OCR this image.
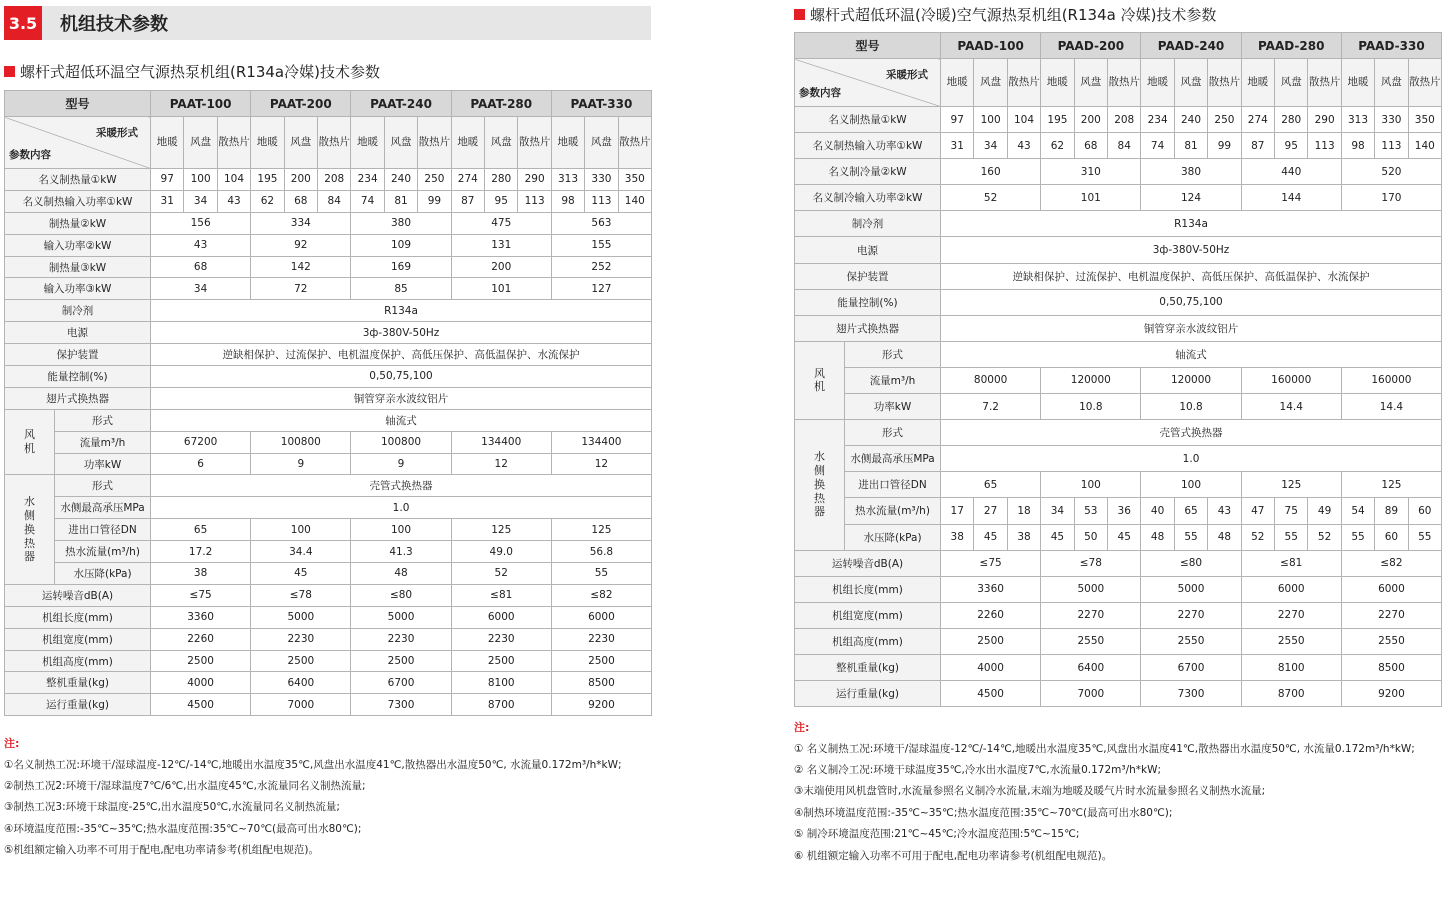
3.5 机组技术参数
螺杆式超低环温空气源热泵机组(R134a冷媒)技术参数
型号		PAAT-100			PAAT-200			PAAT-240			PAAT-280			PAAT-330		

采暖形式
参数内容		地暖	风盘	散热片	地暖	风盘	散热片	地暖	风盘	散热片	地暖	风盘	散热片	地暖	风盘	散热片
名义制热量①kW		97	100	104	195	200	208	234	240	250	274	280	290	313	330	350
名义制热输入功率①kW		31	34	43	62	68	84	74	81	99	87	95	113	98	113	140
制热量②kW		156			334			380			475			563		
输入功率②kW		43			92			109			131			155		
制热量③kW		68			142			169			200			252		
输入功率③kW		34			72			85			101			127		
制冷剂		R134a														
电源		3ф-380V-50Hz														
保护装置		逆缺相保护、过流保护、电机温度保护、高低压保护、高低温保护、水流保护														
能量控制(%)		0,50,75,100														
翅片式换热器		铜管穿亲水波纹铝片														

风机	形式	轴流式														
	流量m³/h	67200			100800			100800			134400			134400		
	功率kW	6			9			9			12			12		

水侧换热器	形式	壳管式换热器														
	水侧最高承压MPa	1.0														
	进出口管径DN	65			100			100			125			125		
	热水流量(m³/h)	17.2			34.4			41.3			49.0			56.8		
	水压降(kPa)	38			45			48			52			55		
运转噪音dB(A)		≤75			≤78			≤80			≤81			≤82		
机组长度(mm)		3360			5000			5000			6000			6000		
机组宽度(mm)		2260			2230			2230			2230			2230		
机组高度(mm)		2500			2500			2500			2500			2500		
整机重量(kg)		4000			6400			6700			8100			8500		
运行重量(kg)		4500			7000			7300			8700			9200		
注:
①名义制热工况:环境干/湿球温度-12℃/-14℃,地暖出水温度35℃,风盘出水温度41℃,散热器出水温度50℃, 水流量0.172m³/h*kW;
②制热工况2:环境干/湿球温度7℃/6℃,出水温度45℃,水流量同名义制热流量;
③制热工况3:环境干球温度-25℃,出水温度50℃,水流量同名义制热流量;
④环境温度范围:-35℃~35℃;热水温度范围:35℃~70℃(最高可出水80℃);
⑤机组额定输入功率不可用于配电,配电功率请参考(机组配电规范)。
螺杆式超低环温(冷暖)空气源热泵机组(R134a 冷媒)技术参数
型号		PAAD-100			PAAD-200			PAAD-240			PAAD-280			PAAD-330		

采暖形式
参数内容		地暖	风盘	散热片	地暖	风盘	散热片	地暖	风盘	散热片	地暖	风盘	散热片	地暖	风盘	散热片
名义制热量①kW		97	100	104	195	200	208	234	240	250	274	280	290	313	330	350
名义制热输入功率①kW		31	34	43	62	68	84	74	81	99	87	95	113	98	113	140
名义制冷量②kW		160			310			380			440			520		
名义制冷输入功率②kW		52			101			124			144			170		
制冷剂		R134a														
电源		3ф-380V-50Hz														
保护装置		逆缺相保护、过流保护、电机温度保护、高低压保护、高低温保护、水流保护														
能量控制(%)		0,50,75,100														
翅片式换热器		铜管穿亲水波纹铝片														

风机	形式	轴流式														
	流量m³/h	80000			120000			120000			160000			160000		
	功率kW	7.2			10.8			10.8			14.4			14.4		

水侧换热器	形式	壳管式换热器														
	水侧最高承压MPa	1.0														
	进出口管径DN	65			100			100			125			125		
	热水流量(m³/h)	17	27	18	34	53	36	40	65	43	47	75	49	54	89	60
	水压降(kPa)	38	45	38	45	50	45	48	55	48	52	55	52	55	60	55
运转噪音dB(A)		≤75			≤78			≤80			≤81			≤82		
机组长度(mm)		3360			5000			5000			6000			6000		
机组宽度(mm)		2260			2270			2270			2270			2270		
机组高度(mm)		2500			2550			2550			2550			2550		
整机重量(kg)		4000			6400			6700			8100			8500		
运行重量(kg)		4500			7000			7300			8700			9200		
注:
① 名义制热工况:环境干/湿球温度-12℃/-14℃,地暖出水温度35℃,风盘出水温度41℃,散热器出水温度50℃, 水流量0.172m³/h*kW;
② 名义制冷工况:环境干球温度35℃,冷水出水温度7℃,水流量0.172m³/h*kW;
③末端使用风机盘管时,水流量参照名义制冷水流量,末端为地暖及暖气片时水流量参照名义制热水流量;
④制热环境温度范围:-35℃~35℃;热水温度范围:35℃~70℃(最高可出水80℃);
⑤ 制冷环境温度范围:21℃~45℃;冷水温度范围:5℃~15℃;
⑥ 机组额定输入功率不可用于配电,配电功率请参考(机组配电规范)。
